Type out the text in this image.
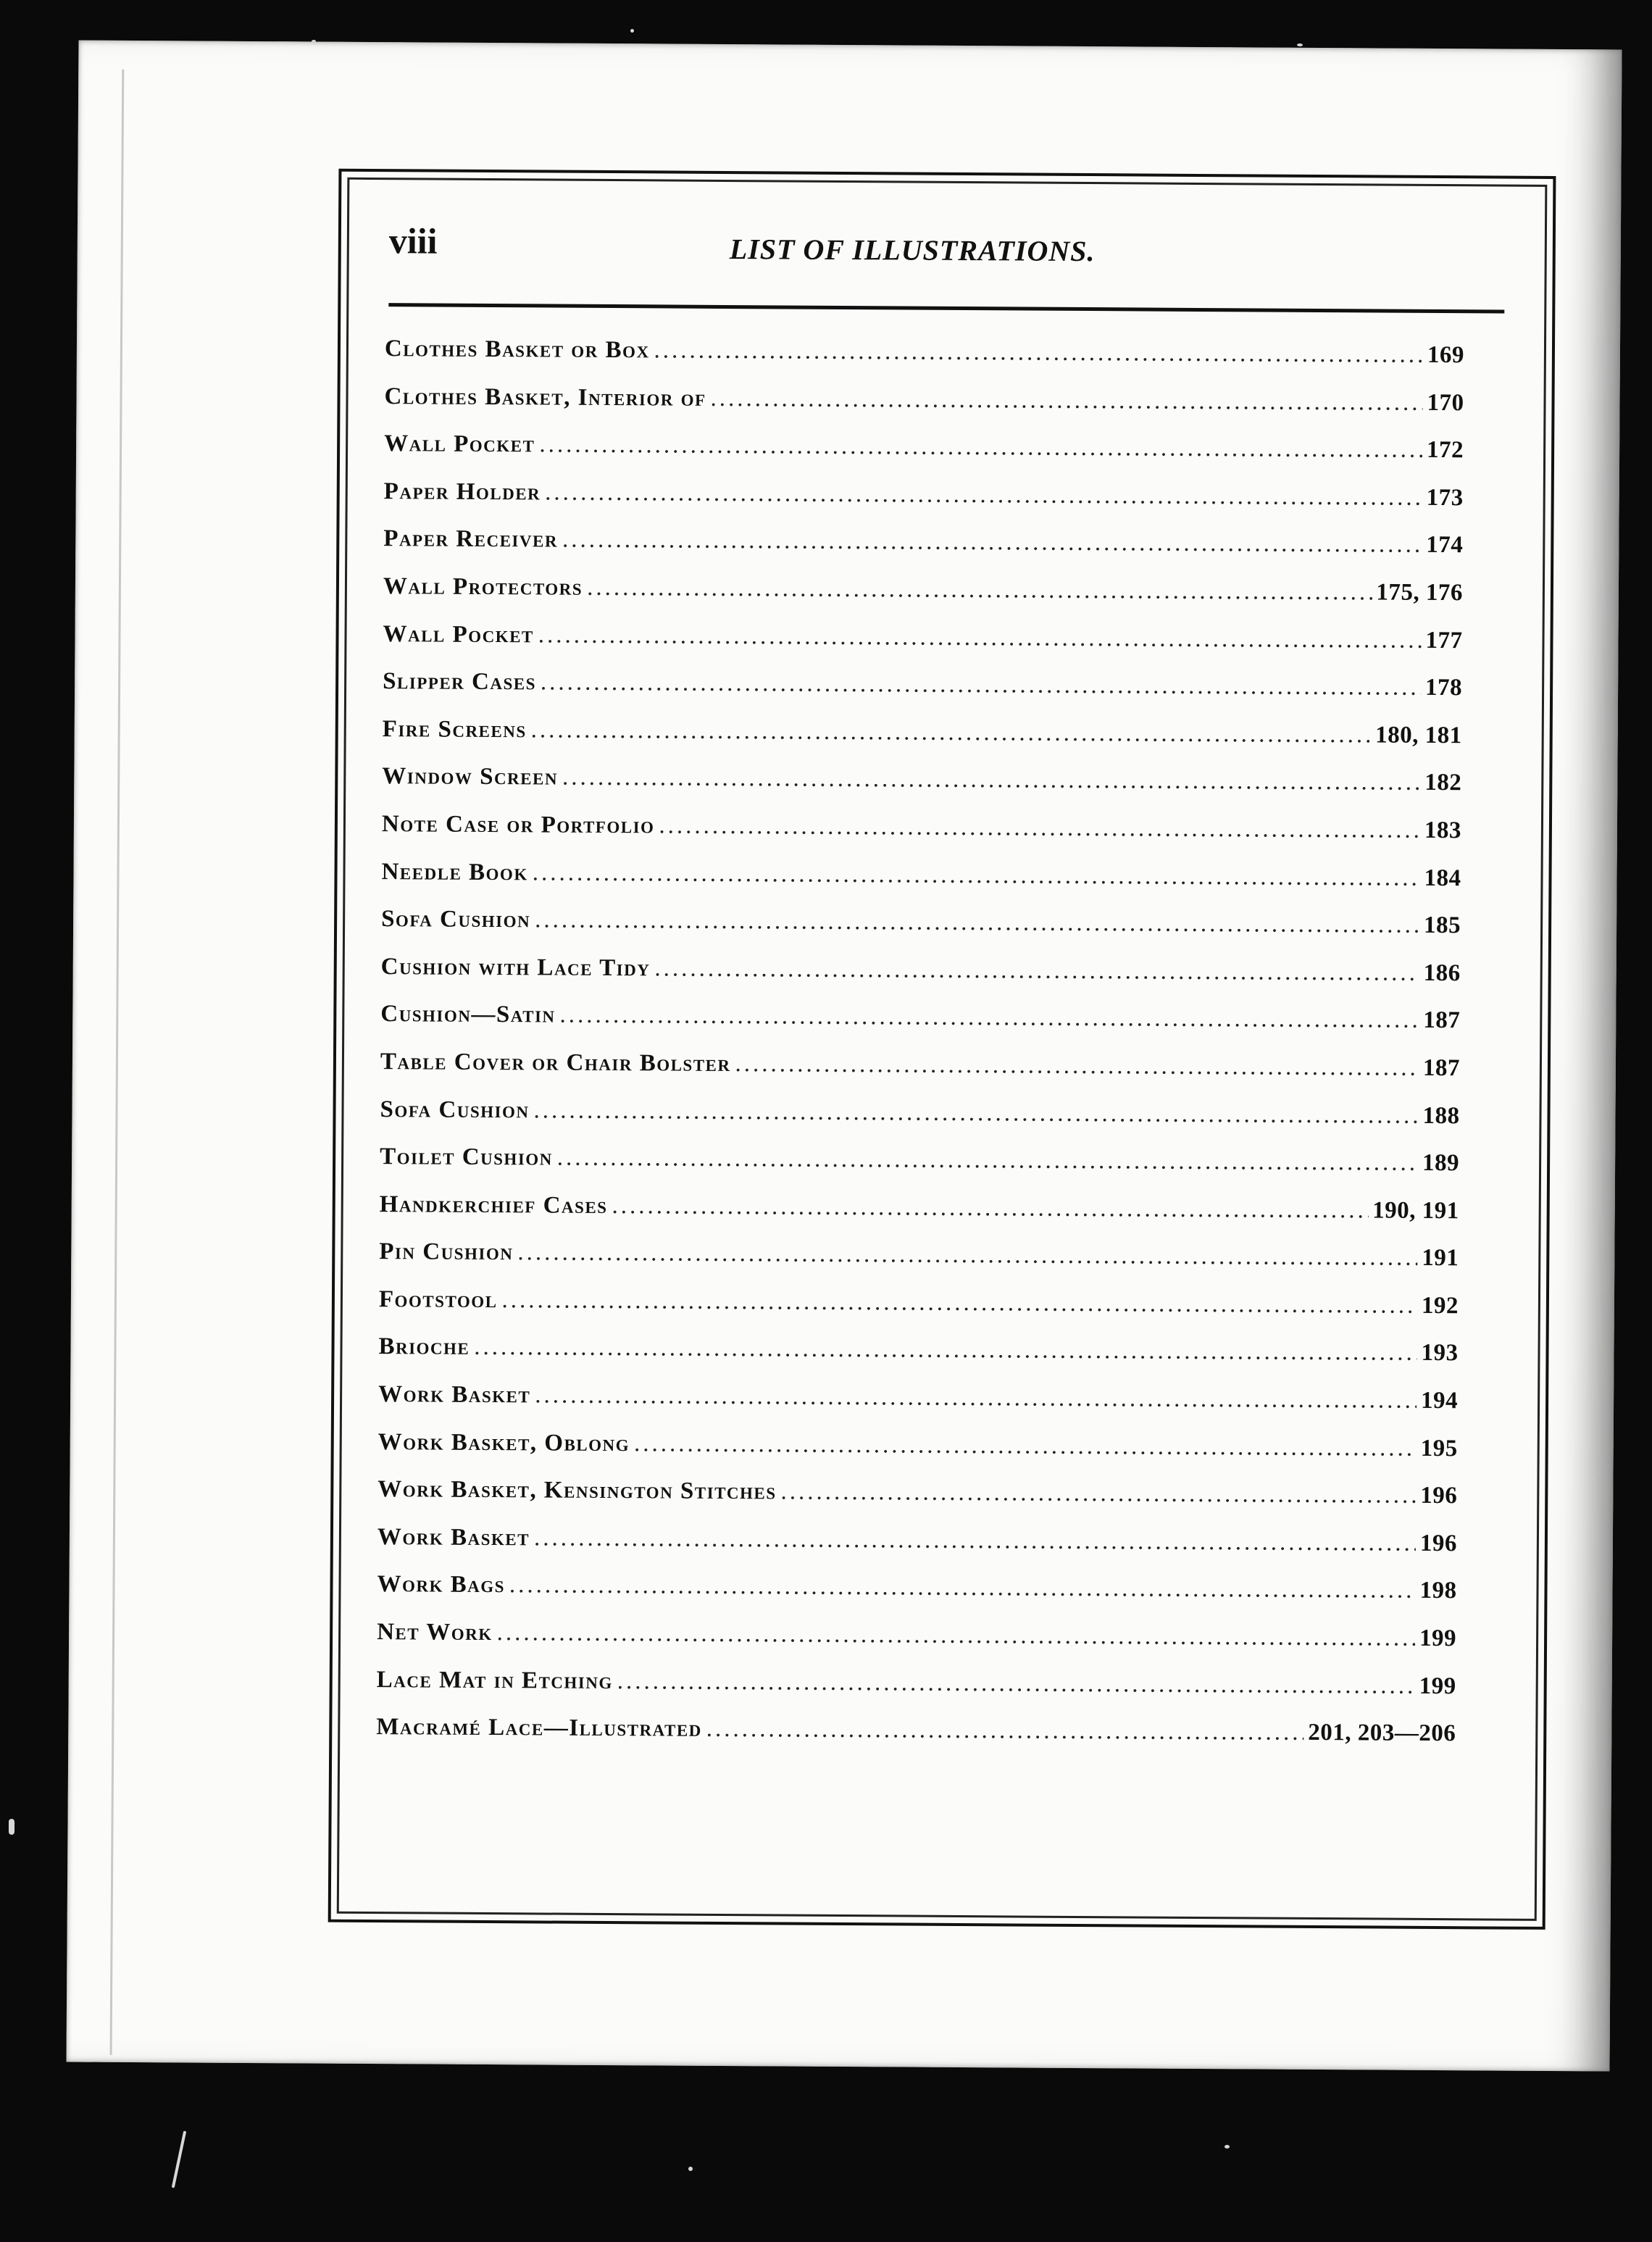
viii	LIST OF ILLUSTRATIONS.
Clothes Basket or Box .....	169
Clothes Basket, Interior of .....	170
Wall Pocket .....	172
Paper Holder .....	173
Paper Receiver .....	174
Wall Protectors .....	175, 176
Wall Pocket .....	177
Slipper Cases .....	178
Fire Screens .....	180, 181
Window Screen .....	182
Note Case or Portfolio .....	183
Needle Book .....	184
Sofa Cushion .....	185
Cushion with Lace Tidy .....	186
Cushion—Satin .....	187
Table Cover or Chair Bolster .....	187
Sofa Cushion .....	188
Toilet Cushion .....	189
Handkerchief Cases .....	190, 191
Pin Cushion .....	191
Footstool .....	192
Brioche .....	193
Work Basket .....	194
Work Basket, Oblong .....	195
Work Basket, Kensington Stitches .....	196
Work Basket .....	196
Work Bags .....	198
Net Work .....	199
Lace Mat in Etching .....	199
Macramé Lace—Illustrated .....	201, 203—206
